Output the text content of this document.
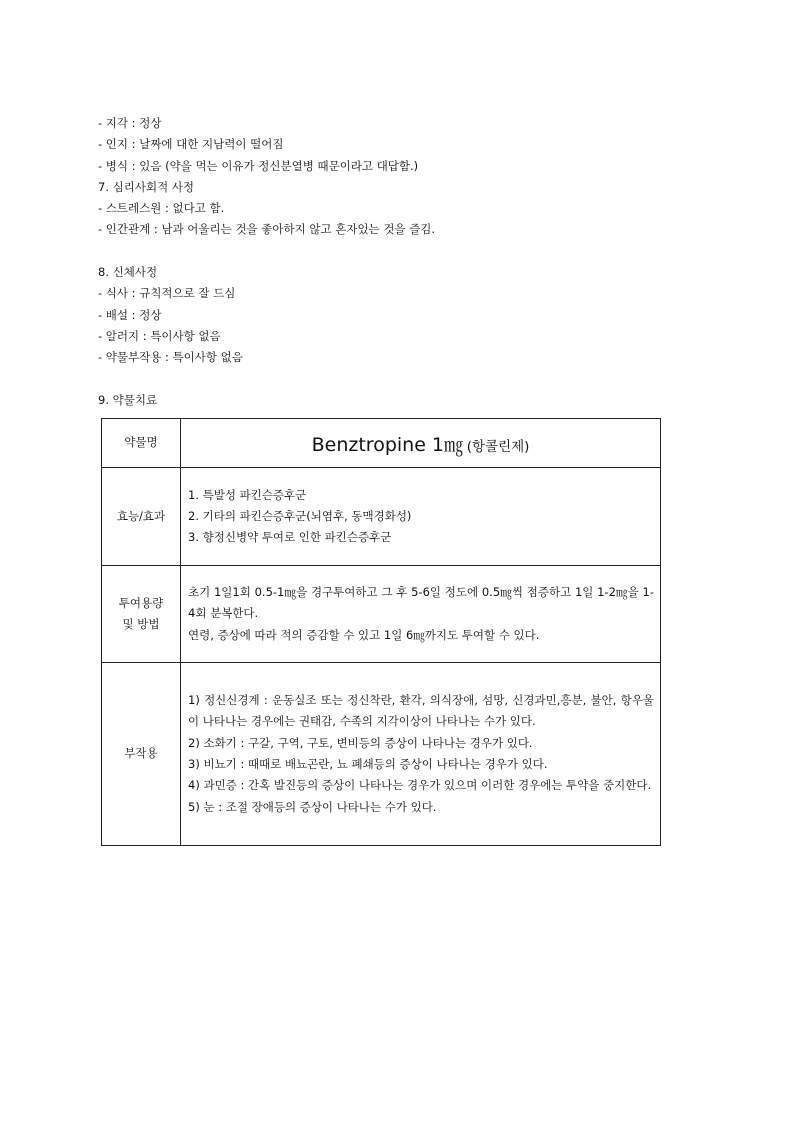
- 지각 : 정상
- 인지 : 날짜에 대한 지남력이 떨어짐
- 병식 : 있음 (약을 먹는 이유가 정신분열병 때문이라고 대답함.)
7. 심리사회적 사정
- 스트레스원 : 없다고 함.
- 인간관계 : 남과 어울리는 것을 좋아하지 않고 혼자있는 것을 즐김.
8. 신체사정
- 식사 : 규칙적으로 잘 드심
- 배설 : 정상
- 알러지 : 특이사항 없음
- 약물부작용 : 특이사항 없음
9. 약물치료
약물명	Benztropine 1㎎ (항콜린제)
효능/효과	1. 특발성 파킨슨증후군
2. 기타의 파킨슨증후군(뇌염후, 동맥경화성)
3. 향정신병약 투여로 인한 파킨슨증후군

투여용량
및 방법	초기 1일1회 0.5-1㎎을 경구투여하고 그 후 5-6일 정도에 0.5㎎씩 점증하고 1일 1-2㎎을 1-4회 분복한다.
연령, 증상에 따라 적의 증감할 수 있고 1일 6㎎까지도 투여할 수 있다.

부작용	1) 정신신경계 : 운동실조 또는 정신착란, 환각, 의식장애, 섬망, 신경과민,흥분, 불안, 항우울이 나타나는 경우에는 권태감, 수족의 지각이상이 나타나는 수가 있다.
2) 소화기 : 구갈, 구역, 구토, 변비등의 증상이 나타나는 경우가 있다.
3) 비뇨기 : 때때로 배뇨곤란, 뇨 폐쇄등의 증상이 나타나는 경우가 있다.
4) 과민증 : 간혹 발진등의 증상이 나타나는 경우가 있으며 이러한 경우에는 투약을 중지한다.
5) 눈 : 조절 장애등의 증상이 나타나는 수가 있다.
